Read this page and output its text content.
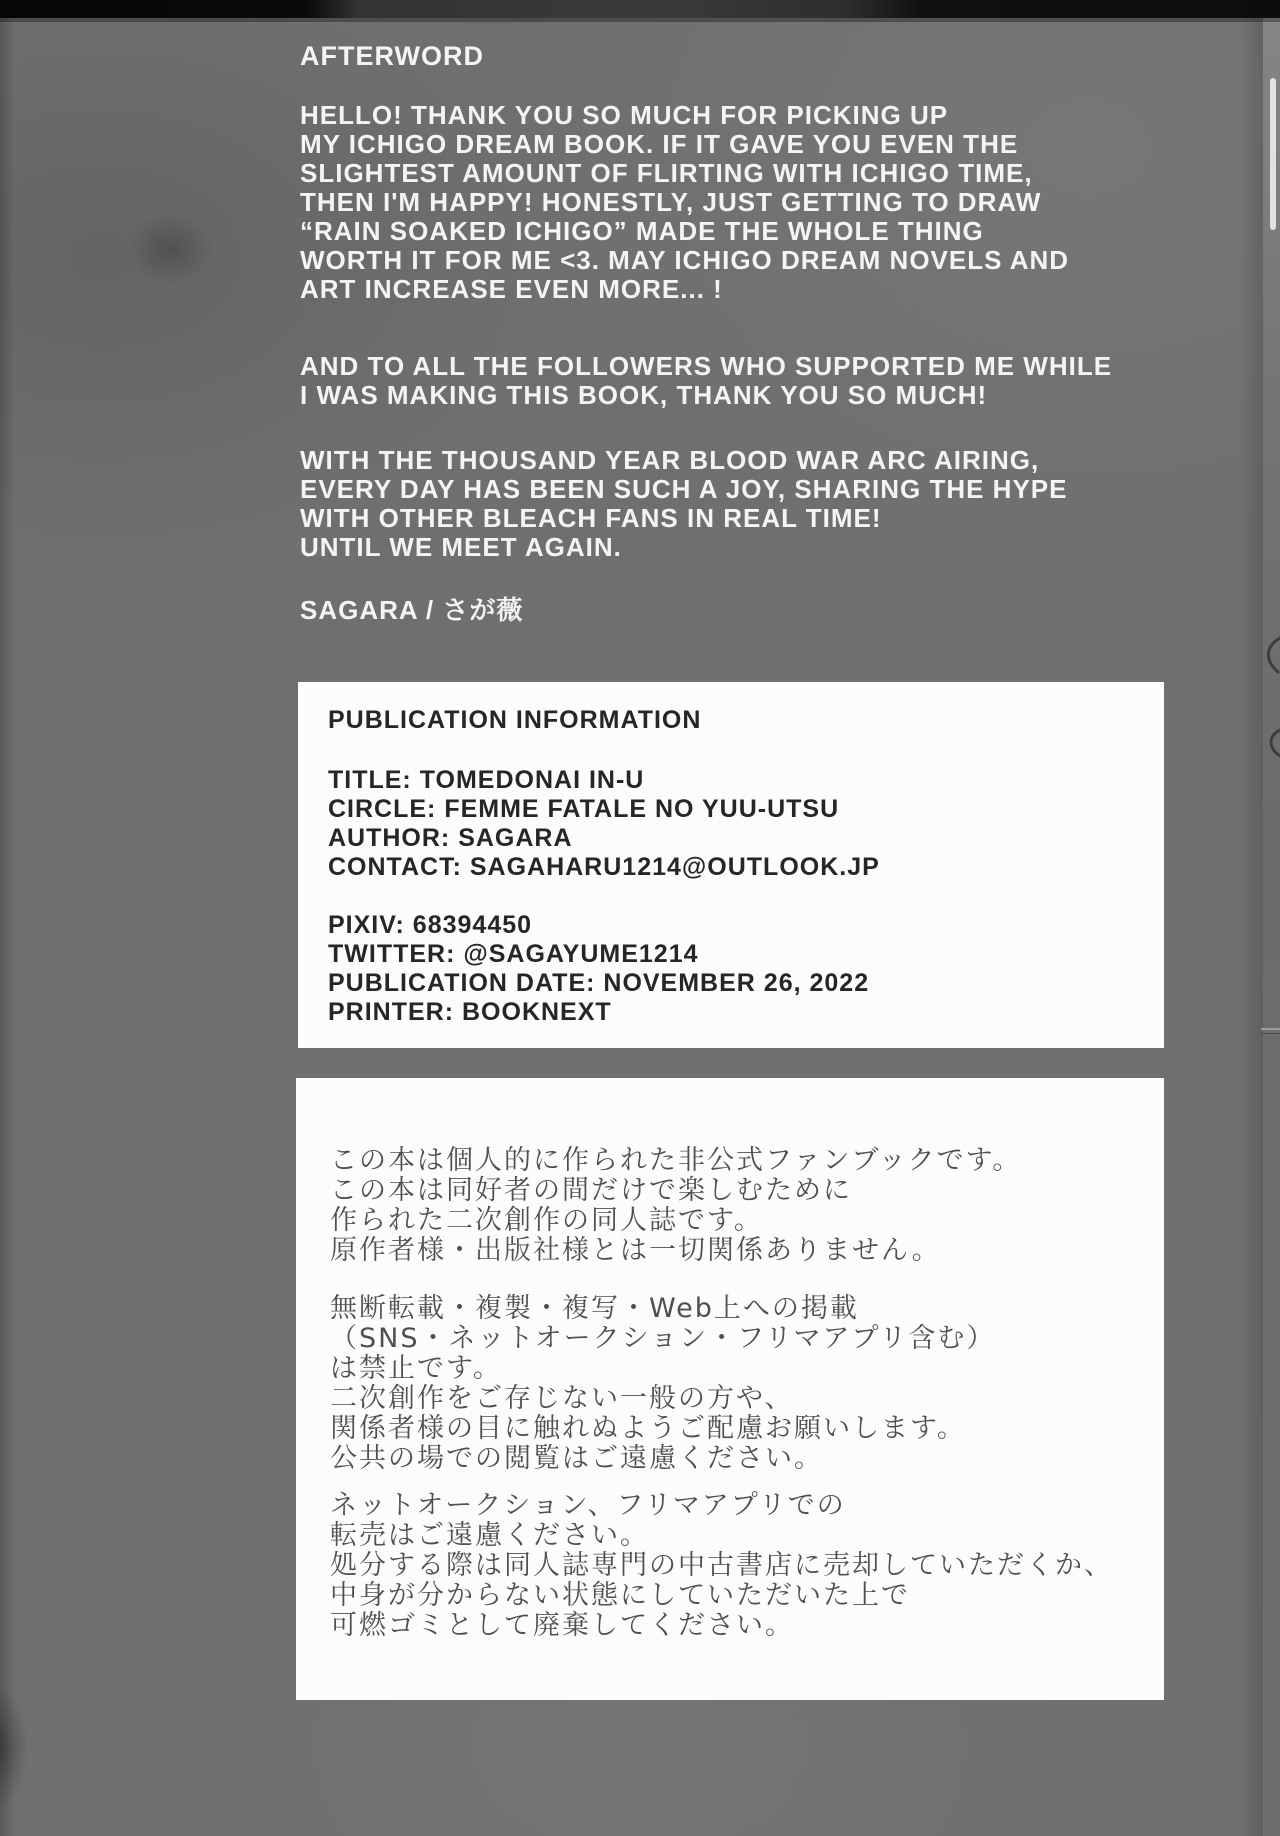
AFTERWORD
HELLO! THANK YOU SO MUCH FOR PICKING UP
MY ICHIGO DREAM BOOK. IF IT GAVE YOU EVEN THE
SLIGHTEST AMOUNT OF FLIRTING WITH ICHIGO TIME,
THEN I'M HAPPY! HONESTLY, JUST GETTING TO DRAW
“RAIN SOAKED ICHIGO” MADE THE WHOLE THING
WORTH IT FOR ME <3. MAY ICHIGO DREAM NOVELS AND
ART INCREASE EVEN MORE... !
AND TO ALL THE FOLLOWERS WHO SUPPORTED ME WHILE
I WAS MAKING THIS BOOK, THANK YOU SO MUCH!
WITH THE THOUSAND YEAR BLOOD WAR ARC AIRING,
EVERY DAY HAS BEEN SUCH A JOY, SHARING THE HYPE
WITH OTHER BLEACH FANS IN REAL TIME!
UNTIL WE MEET AGAIN.
SAGARA / さが薇
PUBLICATION INFORMATION
TITLE: TOMEDONAI IN-U
CIRCLE: FEMME FATALE NO YUU-UTSU
AUTHOR: SAGARA
CONTACT: SAGAHARU1214@OUTLOOK.JP
PIXIV: 68394450
TWITTER: @SAGAYUME1214
PUBLICATION DATE: NOVEMBER 26, 2022
PRINTER: BOOKNEXT
この本は個人的に作られた非公式ファンブックです。
この本は同好者の間だけで楽しむために
作られた二次創作の同人誌です。
原作者様・出版社様とは一切関係ありません。
無断転載・複製・複写・Web上への掲載
（SNS・ネットオークション・フリマアプリ含む）
は禁止です。
二次創作をご存じない一般の方や、
関係者様の目に触れぬようご配慮お願いします。
公共の場での閲覧はご遠慮ください。
ネットオークション、フリマアプリでの
転売はご遠慮ください。
処分する際は同人誌専門の中古書店に売却していただくか、
中身が分からない状態にしていただいた上で
可燃ゴミとして廃棄してください。
